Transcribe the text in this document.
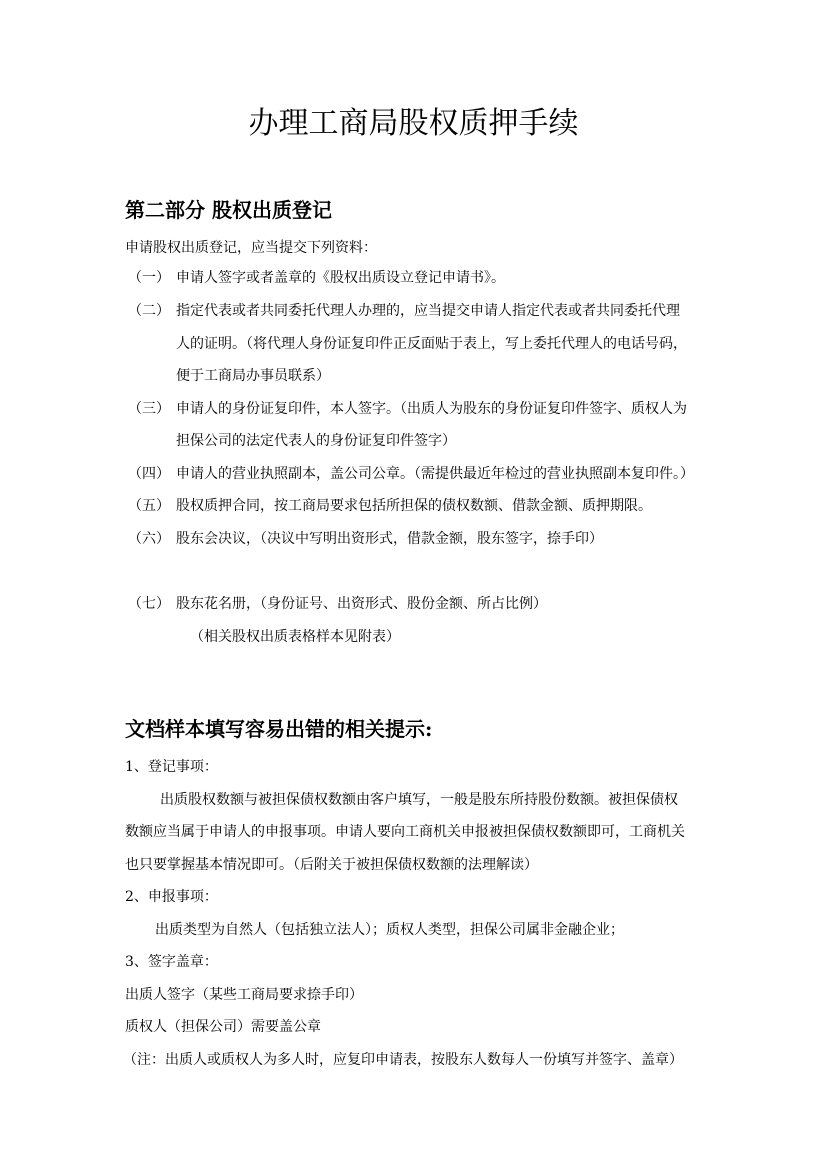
办理工商局股权质押手续
第二部分 股权出质登记
申请股权出质登记，应当提交下列资料：
（一） 申请人签字或者盖章的《股权出质设立登记申请书》。
（二） 指定代表或者共同委托代理人办理的，应当提交申请人指定代表或者共同委托代理
人的证明。（将代理人身份证复印件正反面贴于表上，写上委托代理人的电话号码，
便于工商局办事员联系）
（三） 申请人的身份证复印件，本人签字。（出质人为股东的身份证复印件签字、质权人为
担保公司的法定代表人的身份证复印件签字）
（四） 申请人的营业执照副本，盖公司公章。（需提供最近年检过的营业执照副本复印件。）
（五） 股权质押合同，按工商局要求包括所担保的债权数额、借款金额、质押期限。
（六） 股东会决议，（决议中写明出资形式，借款金额，股东签字，捺手印）
（七） 股东花名册，（身份证号、出资形式、股份金额、所占比例）
（相关股权出质表格样本见附表）
文档样本填写容易出错的相关提示:
1、登记事项：
出质股权数额与被担保债权数额由客户填写，一般是股东所持股份数额。被担保债权
数额应当属于申请人的申报事项。申请人要向工商机关申报被担保债权数额即可，工商机关
也只要掌握基本情况即可。（后附关于被担保债权数额的法理解读）
2、申报事项：
出质类型为自然人（包括独立法人）；质权人类型，担保公司属非金融企业；
3、签字盖章：
出质人签字（某些工商局要求捺手印）
质权人（担保公司）需要盖公章
（注：出质人或质权人为多人时，应复印申请表，按股东人数每人一份填写并签字、盖章）
